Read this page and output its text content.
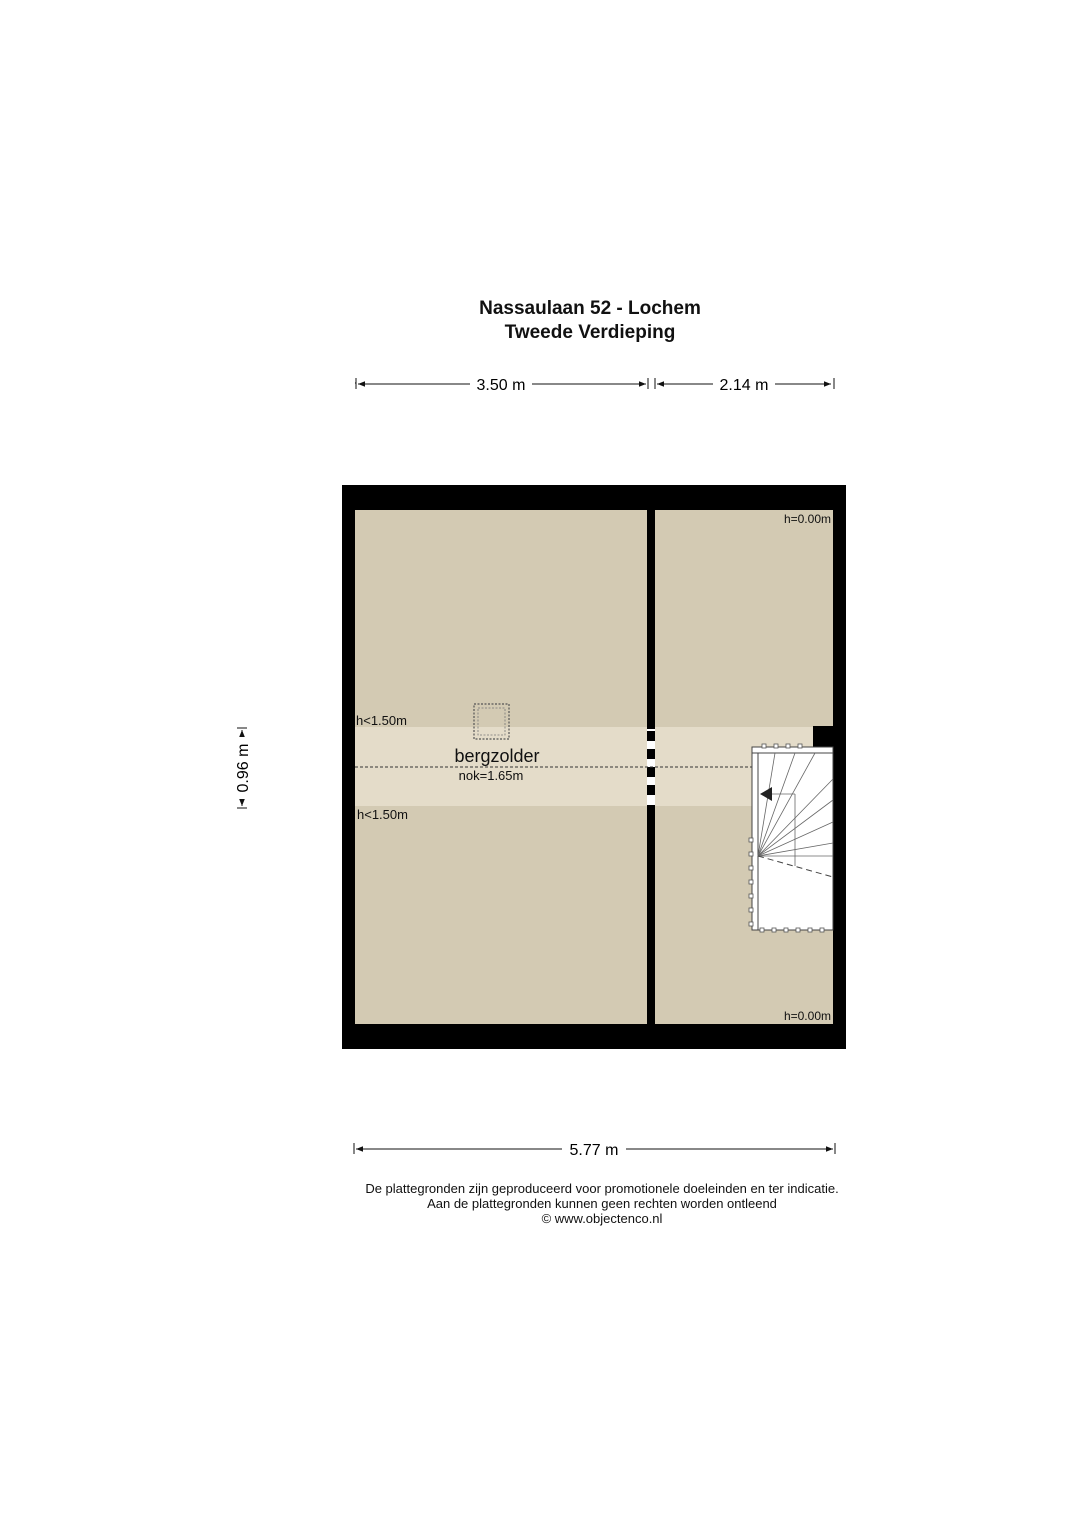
Nassaulaan 52 - Lochem
Tweede Verdieping
3.50 m	2.14 m
0.96 m	bergzolder
nok=1.65m
h<1.50m
h<1.50m
h=0.00m
h=0.00m
5.77 m
De plattegronden zijn geproduceerd voor promotionele doeleinden en ter indicatie.
Aan de plattegronden kunnen geen rechten worden ontleend
© www.objectenco.nl
